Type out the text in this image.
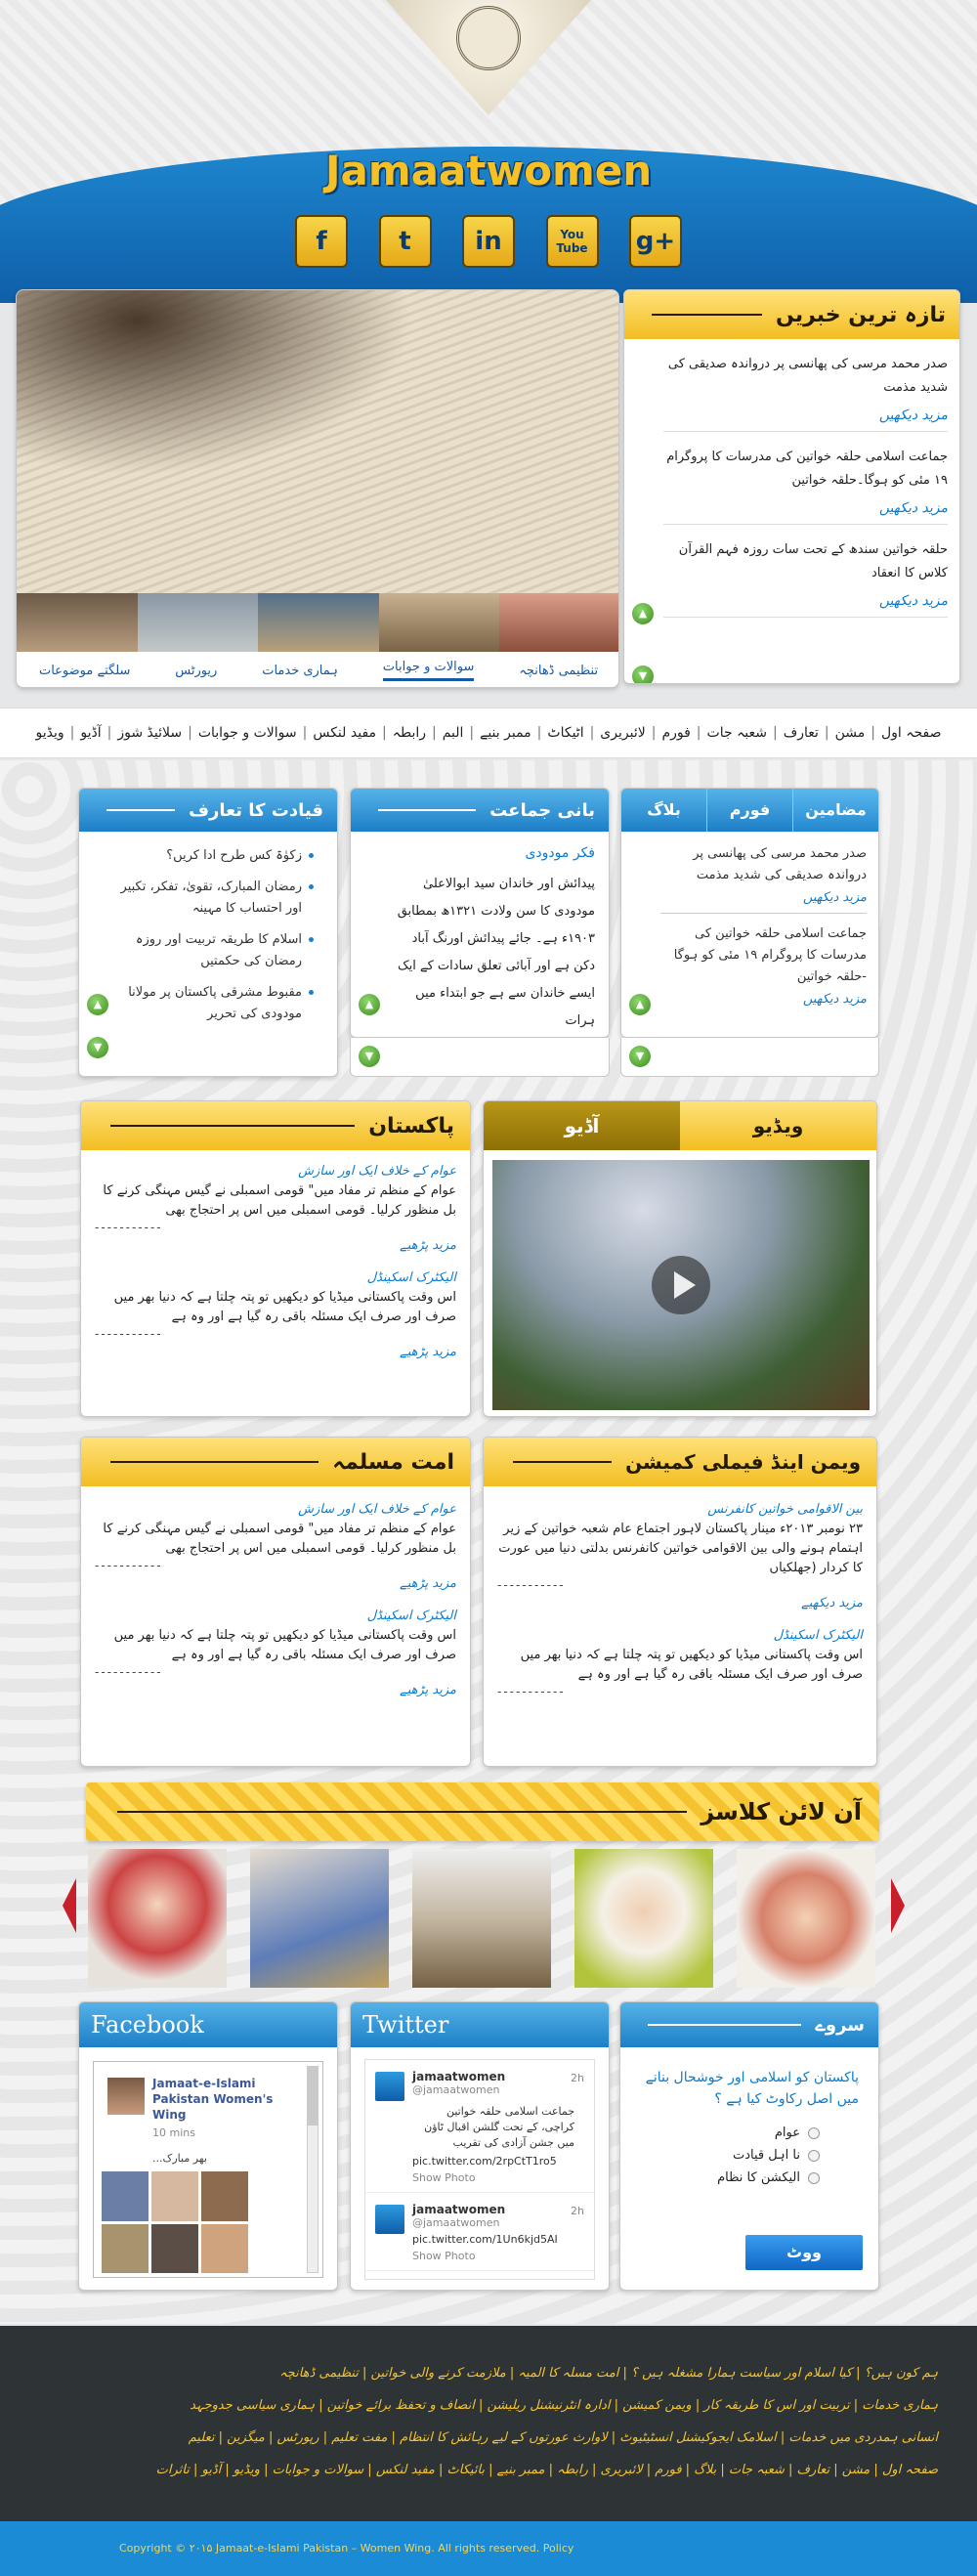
Jamaatwomen
f	t	in	You Tube	g+
تنظیمی ڈھانچہ
سوالات و جوابات
ہماری خدمات
ریورٹس
سلگتے موضوعات
تازہ ترین خبریں
صدر محمد مرسی کی پھانسی پر درواندہ صدیقی کی شدید مذمت
مزید دیکھیں
جماعت اسلامی حلقہ خواتین کی مدرسات کا پروگرام ۱۹ مئی کو ہوگا۔حلقہ خواتین
مزید دیکھیں
حلقہ خواتین سندھ کے تحت سات روزہ فہم القرآن کلاس کا انعقاد
مزید دیکھیں
▲
▼
صفحہ اول
|
مشن
|
تعارف
|
شعبہ جات
|
فورم
|
لائبریری
|
اٹیکاٹ
|
ممبر بنیے
|
البم
|
رابطہ
|
مفید لنکس
|
سوالات و جوابات
|
سلائیڈ شوز
|
آڈیو
|
ویڈیو
مضامین
فورم
بلاگ
صدر محمد مرسی کی پھانسی پر درواندہ صدیقی کی شدید مذمت
مزید دیکھیں
جماعت اسلامی حلقہ خواتین کی مدرسات کا پروگرام ۱۹ مئی کو ہوگا -حلقہ خواتین
مزید دیکھیں
▲
بانی جماعت
فکر مودودی
پیدائش اور خاندان سید ابوالاعلیٰ مودودی کا سن ولادت ۱۳۲۱ھ بمطابق ۱۹۰۳ء ہے۔ جائے پیدائش اورنگ آباد دکن ہے اور آبائی تعلق سادات کے ایک ایسے خاندان سے ہے جو ابتداء میں ہرات
▲
قیادت کا تعارف
زکوٰۃ کس طرح ادا کریں؟
رمضان المبارک، تقویٰ، تفکر، تکبیر اور احتساب کا مہینہ
اسلام کا طریقہ تربیت اور روزہ رمضان کی حکمتیں
مقبوط مشرقی پاکستان پر مولانا مودودی کی تحریر
▲
▼
▼
▼
ویڈیو
آڈیو
پاکستان
عوام کے خلاف ایک اور سازش
عوام کے منظم تر مفاد میں" قومی اسمبلی نے گیس مہنگی کرنے کا بل منظور کرلیا۔ قومی اسمبلی میں اس پر احتجاج بھی
-----------
مزید پڑھیے
الیکٹرک اسکینڈل
اس وقت پاکستانی میڈیا کو دیکھیں تو پتہ چلتا ہے کہ دنیا بھر میں صرف اور صرف ایک مسئلہ باقی رہ گیا ہے اور وہ ہے
-----------
مزید پڑھیے
ویمن اینڈ فیملی کمیشن
بین الاقوامی خواتین کانفرنس
۲۳ نومبر ۲۰۱۳ء مینار پاکستان لاہور اجتماع عام شعبہ خواتین کے زیر اہتمام ہونے والی بین الاقوامی خواتین کانفرنس بدلتی دنیا میں عورت کا کردار (جھلکیاں
-----------
مزید دیکھیے
الیکٹرک اسکینڈل
اس وقت پاکستانی میڈیا کو دیکھیں تو پتہ چلتا ہے کہ دنیا بھر میں صرف اور صرف ایک مسئلہ باقی رہ گیا ہے اور وہ ہے
-----------
امت مسلمہ
عوام کے خلاف ایک اور سازش
عوام کے منظم تر مفاد میں" قومی اسمبلی نے گیس مہنگی کرنے کا بل منظور کرلیا۔ قومی اسمبلی میں اس پر احتجاج بھی
-----------
مزید پڑھیے
الیکٹرک اسکینڈل
اس وقت پاکستانی میڈیا کو دیکھیں تو پتہ چلتا ہے کہ دنیا بھر میں صرف اور صرف ایک مسئلہ باقی رہ گیا ہے اور وہ ہے
-----------
مزید پڑھیے
آن لائن کلاسز
Facebook
Jamaat-e-Islami Pakistan Women's Wing
10 mins
...بھر مبارک
Twitter
jamaatwomen
@jamaatwomen
2h
جماعت اسلامی حلقہ خواتین کراچی، کے تحت گلشن اقبال ٹاؤن میں جشن آزادی کی تقریب
pic.twitter.com/2rpCtT1ro5
Show Photo
jamaatwomen
@jamaatwomen
2h
pic.twitter.com/1Un6kjd5AI
Show Photo
سروے
پاکستان کو اسلامی اور خوشحال بنانے میں اصل رکاوٹ کیا ہے ؟
عوام
نا اہل قیادت
الیکشن کا نظام
ووٹ
ہم کون ہیں؟ | کیا اسلام اور سیاست ہمارا مشغلہ ہیں ؟ | امت مسلہ کا المیہ | ملازمت کرنے والی خواتین | تنظیمی ڈھانچہ
ہماری خدمات | تربیت اور اس کا طریقہ کار | ویمن کمیشن | ادارہ انٹرنیشنل ریلیشن | انصاف و تحفظ برائے خواتین | ہماری سیاسی جدوجہد
انسانی ہمدردی میں خدمات | اسلامک ایجوکیشنل انسٹیٹیوٹ | لاوارث عورتوں کے لیے رہائش کا انتظام | مفت تعلیم | رپورٹس | میگزین | تعلیم
صفحہ اول | مشن | تعارف | شعبہ جات | بلاگ | فورم | لائبریری | رابطہ | ممبر بنیے | بائیکاٹ | مفید لنکس | سوالات و جوابات | ویڈیو | آڈیو | تاثرات
Copyright © ۲۰۱۵ Jamaat-e-Islami Pakistan – Women Wing. All rights reserved. Policy
